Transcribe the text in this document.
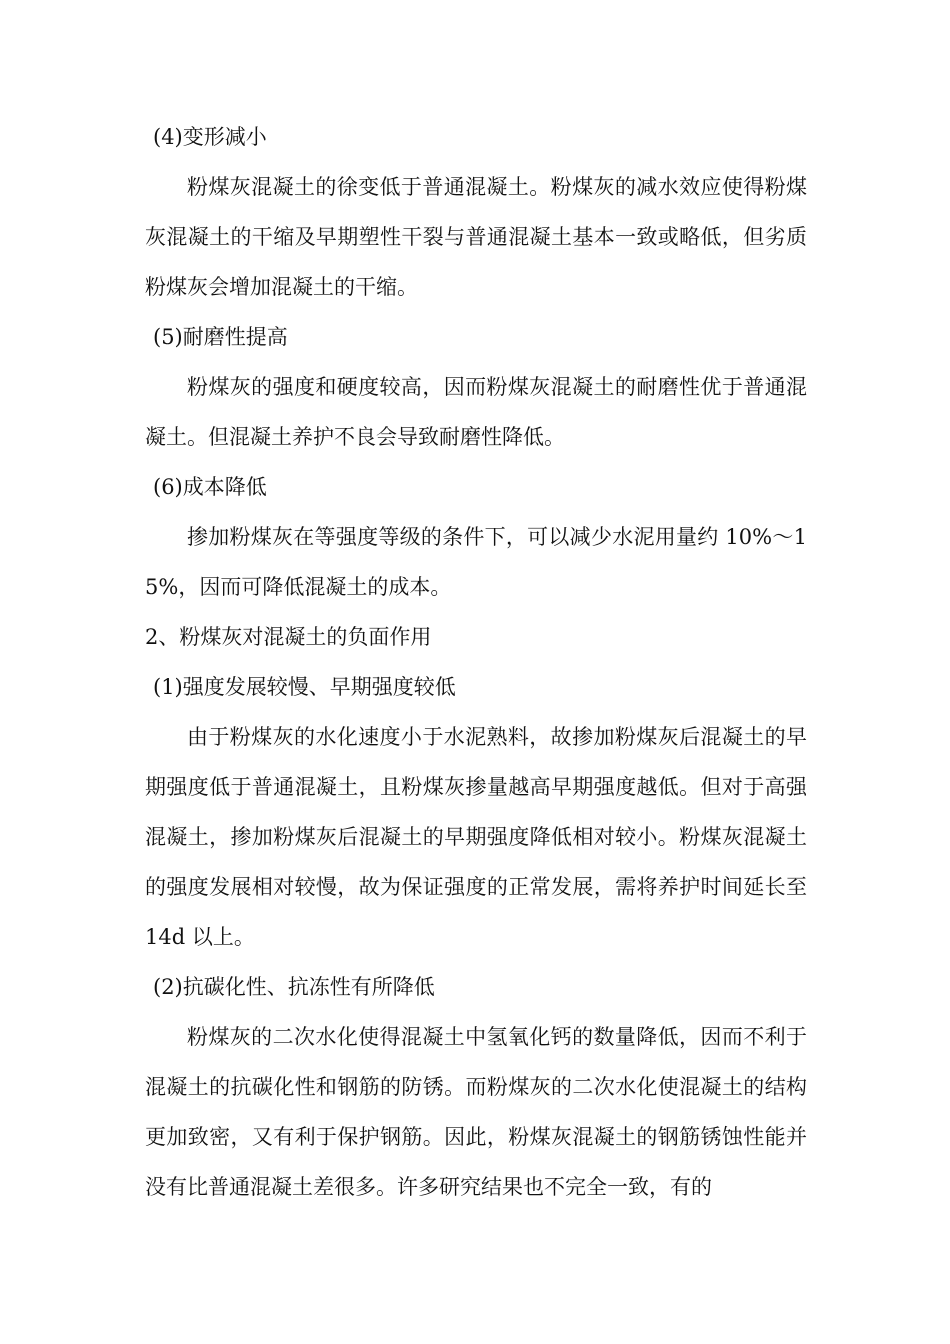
(4)变形减小

粉煤灰混凝土的徐变低于普通混凝土。粉煤灰的减水效应使得粉煤灰混凝土的干缩及早期塑性干裂与普通混凝土基本一致或略低，但劣质粉煤灰会增加混凝土的干缩。

(5)耐磨性提高

粉煤灰的强度和硬度较高，因而粉煤灰混凝土的耐磨性优于普通混凝土。但混凝土养护不良会导致耐磨性降低。

(6)成本降低

掺加粉煤灰在等强度等级的条件下，可以减少水泥用量约 10%～15%，因而可降低混凝土的成本。

2、粉煤灰对混凝土的负面作用

(1)强度发展较慢、早期强度较低

由于粉煤灰的水化速度小于水泥熟料，故掺加粉煤灰后混凝土的早期强度低于普通混凝土，且粉煤灰掺量越高早期强度越低。但对于高强混凝土，掺加粉煤灰后混凝土的早期强度降低相对较小。粉煤灰混凝土的强度发展相对较慢，故为保证强度的正常发展，需将养护时间延长至 14d 以上。

(2)抗碳化性、抗冻性有所降低

粉煤灰的二次水化使得混凝土中氢氧化钙的数量降低，因而不利于混凝土的抗碳化性和钢筋的防锈。而粉煤灰的二次水化使混凝土的结构更加致密，又有利于保护钢筋。因此，粉煤灰混凝土的钢筋锈蚀性能并没有比普通混凝土差很多。许多研究结果也不完全一致，有的
